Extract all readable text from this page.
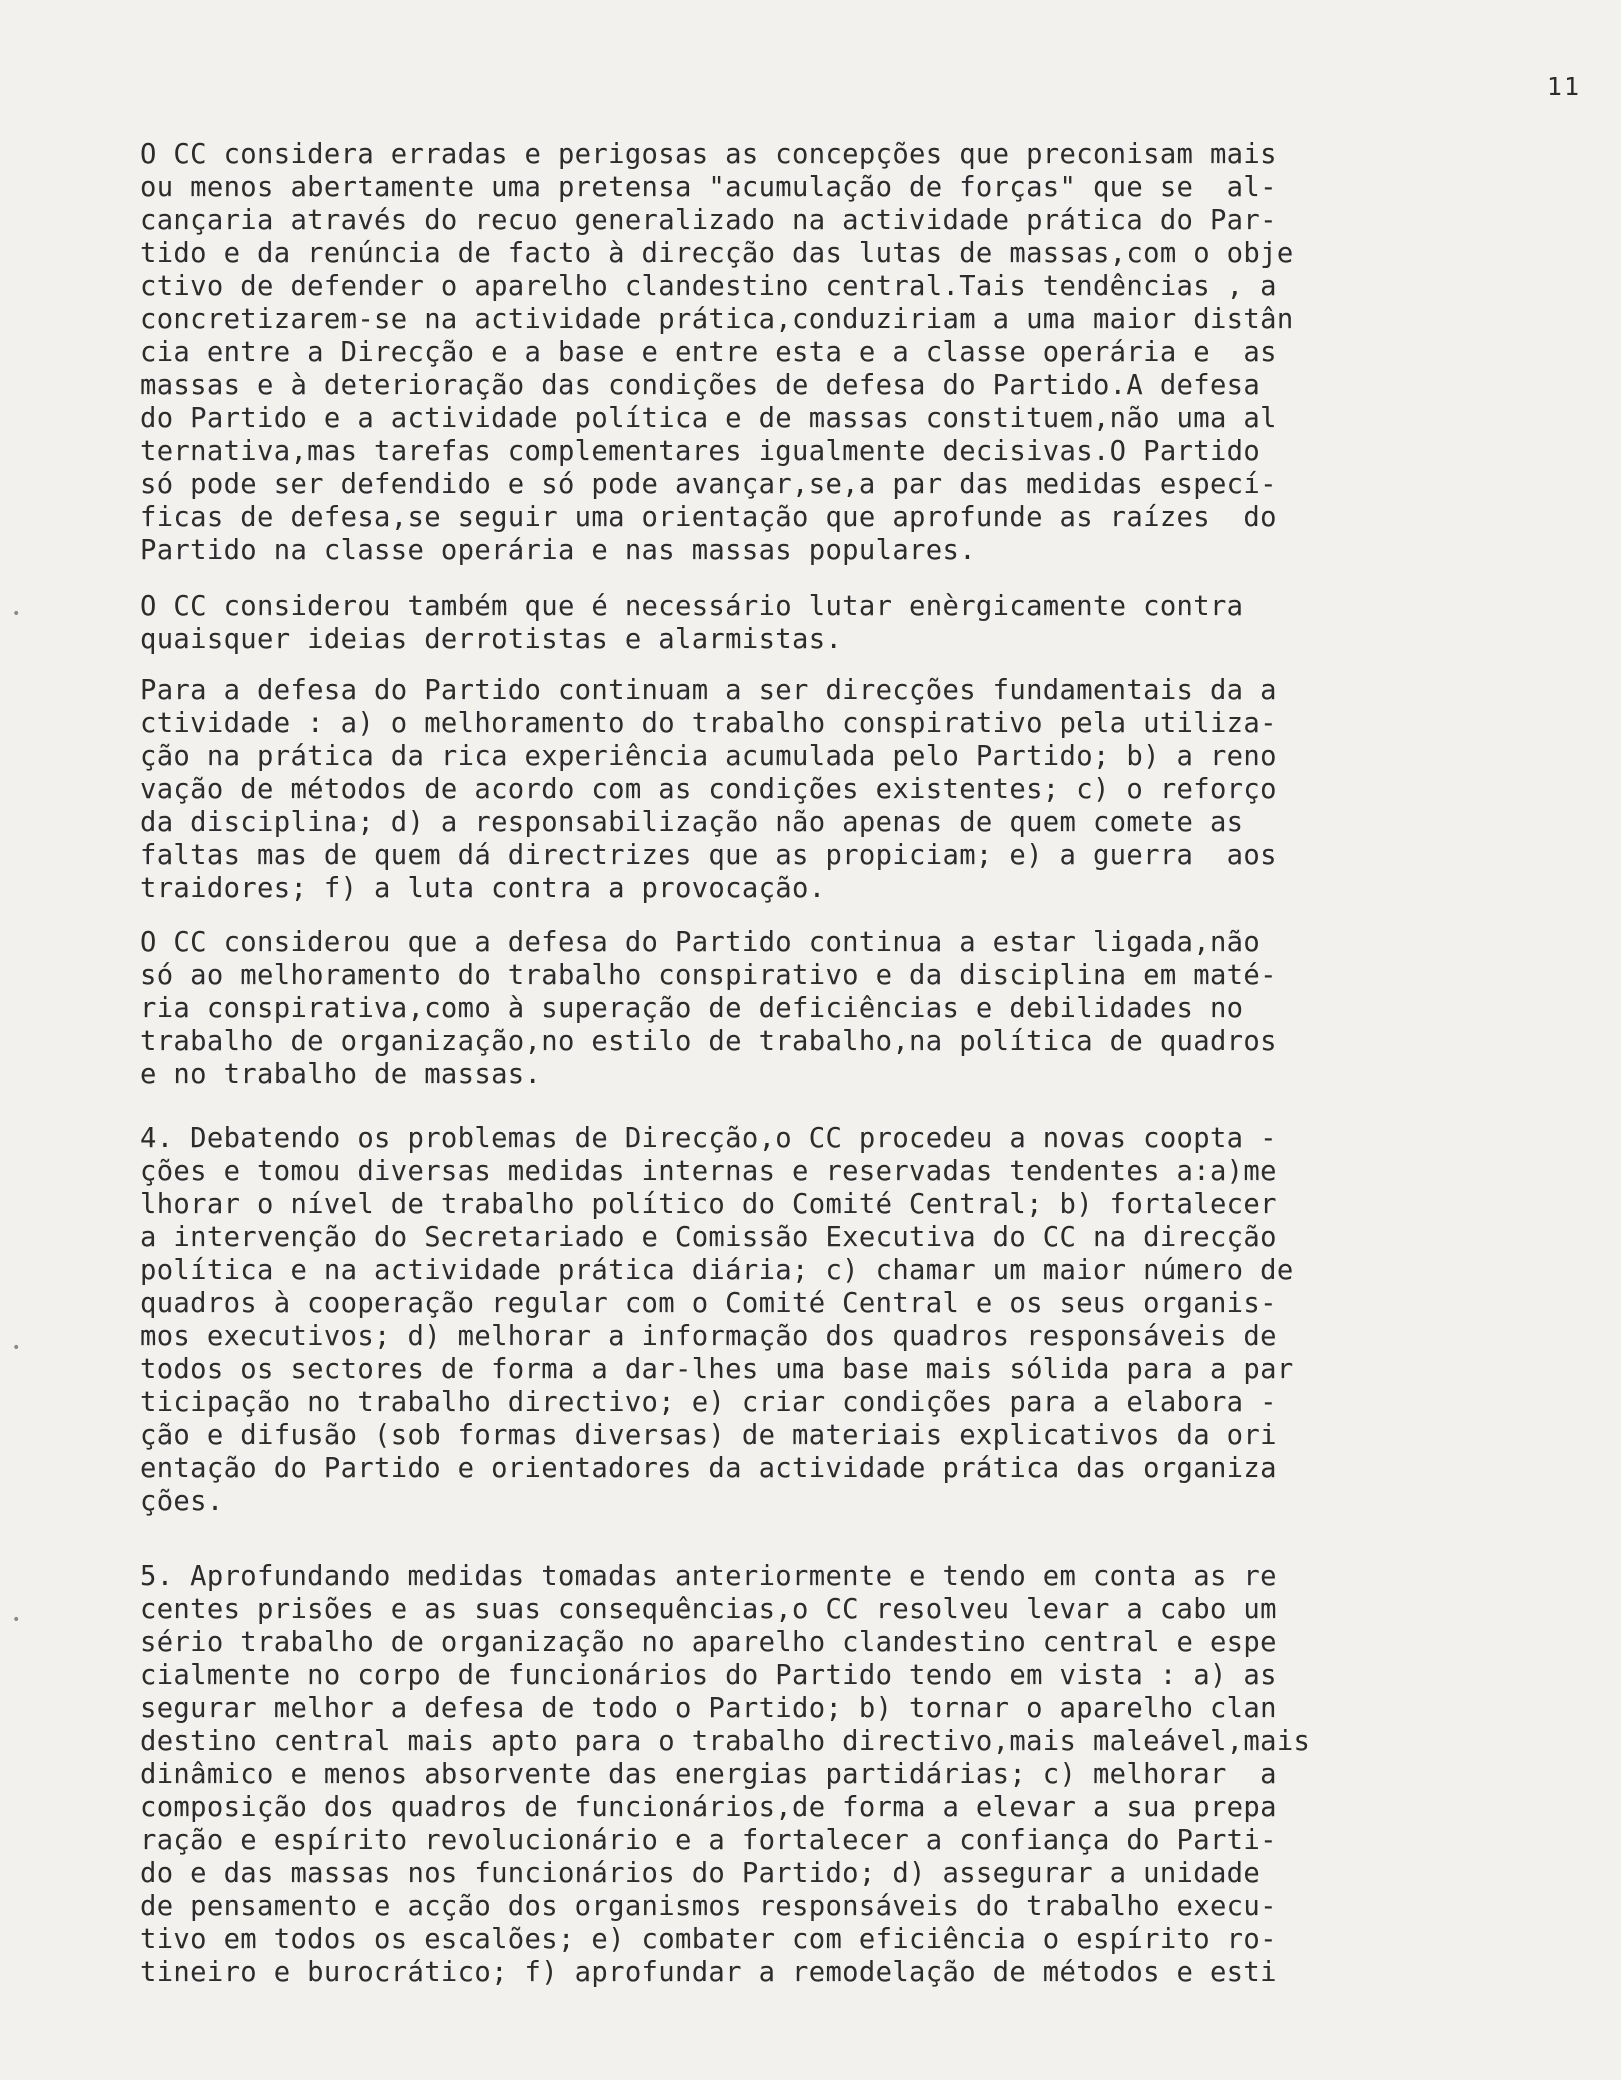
11
•
•
•
O CC considera erradas e perigosas as concepções que preconisam mais
ou menos abertamente uma pretensa "acumulação de forças" que se  al-
cançaria através do recuo generalizado na actividade prática do Par-
tido e da renúncia de facto à direcção das lutas de massas,com o obje
ctivo de defender o aparelho clandestino central.Tais tendências , a
concretizarem-se na actividade prática,conduziriam a uma maior distân
cia entre a Direcção e a base e entre esta e a classe operária e  as
massas e à deterioração das condições de defesa do Partido.A defesa
do Partido e a actividade política e de massas constituem,não uma al
ternativa,mas tarefas complementares igualmente decisivas.O Partido
só pode ser defendido e só pode avançar,se,a par das medidas especí-
ficas de defesa,se seguir uma orientação que aprofunde as raízes  do
Partido na classe operária e nas massas populares.
O CC considerou também que é necessário lutar enèrgicamente contra
quaisquer ideias derrotistas e alarmistas.
Para a defesa do Partido continuam a ser direcções fundamentais da a
ctividade : a) o melhoramento do trabalho conspirativo pela utiliza-
ção na prática da rica experiência acumulada pelo Partido; b) a reno
vação de métodos de acordo com as condições existentes; c) o reforço
da disciplina; d) a responsabilização não apenas de quem comete as
faltas mas de quem dá directrizes que as propiciam; e) a guerra  aos
traidores; f) a luta contra a provocação.
O CC considerou que a defesa do Partido continua a estar ligada,não
só ao melhoramento do trabalho conspirativo e da disciplina em maté-
ria conspirativa,como à superação de deficiências e debilidades no
trabalho de organização,no estilo de trabalho,na política de quadros
e no trabalho de massas.
4. Debatendo os problemas de Direcção,o CC procedeu a novas coopta -
ções e tomou diversas medidas internas e reservadas tendentes a:a)me
lhorar o nível de trabalho político do Comité Central; b) fortalecer
a intervenção do Secretariado e Comissão Executiva do CC na direcção
política e na actividade prática diária; c) chamar um maior número de
quadros à cooperação regular com o Comité Central e os seus organis-
mos executivos; d) melhorar a informação dos quadros responsáveis de
todos os sectores de forma a dar-lhes uma base mais sólida para a par
ticipação no trabalho directivo; e) criar condições para a elabora -
ção e difusão (sob formas diversas) de materiais explicativos da ori
entação do Partido e orientadores da actividade prática das organiza
ções.
5. Aprofundando medidas tomadas anteriormente e tendo em conta as re
centes prisões e as suas consequências,o CC resolveu levar a cabo um
sério trabalho de organização no aparelho clandestino central e espe
cialmente no corpo de funcionários do Partido tendo em vista : a) as
segurar melhor a defesa de todo o Partido; b) tornar o aparelho clan
destino central mais apto para o trabalho directivo,mais maleável,mais
dinâmico e menos absorvente das energias partidárias; c) melhorar  a
composição dos quadros de funcionários,de forma a elevar a sua prepa
ração e espírito revolucionário e a fortalecer a confiança do Parti-
do e das massas nos funcionários do Partido; d) assegurar a unidade
de pensamento e acção dos organismos responsáveis do trabalho execu-
tivo em todos os escalões; e) combater com eficiência o espírito ro-
tineiro e burocrático; f) aprofundar a remodelação de métodos e esti
